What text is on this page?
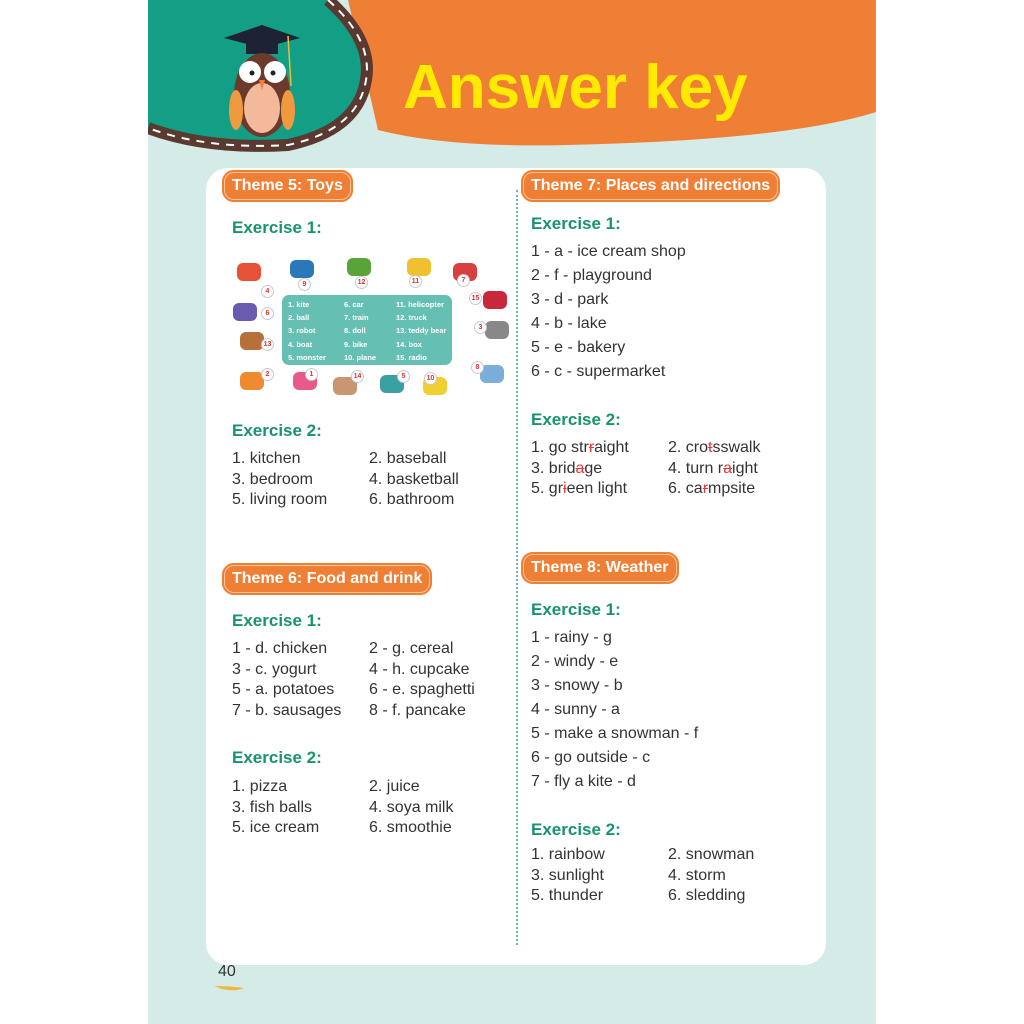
Answer key
Theme 5: Toys
Exercise 1:
1. kite	6. car	11. helicopter
2. ball	7. train	12. truck
3. robot	8. doll	13. teddy bear
4. boat	9. bike	14. box
5. monster	10. plane	15. radio
4
9	12	11	7
6
15
13
3
2	1	14	5	10
8
Exercise 2:
Theme 6: Food and drink
Exercise 1:
Exercise 2:
Theme 7: Places and directions
Exercise 1:
Exercise 2:
Theme 8: Weather
Exercise 1:
Exercise 2:
40
1. kitchen	2. baseball
3. bedroom	4. basketball
5. living room	6. bathroom
1 - d. chicken	2 - g. cereal
3 - c. yogurt	4 - h. cupcake
5 - a. potatoes 6 - e. spaghetti
7 - b. sausages 8 - f. pancake
1. pizza	2. juice
3. fish balls	4. soya milk
5. ice cream	6. smoothie
1 - a - ice cream shop
2 - f - playground
3 - d - park
4 - b - lake
5 - e - bakery
6 - c - supermarket
1 - rainy - g
2 - windy - e
3 - snowy - b
4 - sunny - a
5 - make a snowman - f
6 - go outside - c
7 - fly a kite - d
1. rainbow	2. snowman
3. sunlight	4. storm
5. thunder	6. sledding
1. go strraight 2. crotsswalk
3. bridage	4. turn raight
5. grieen light	6. carmpsite
